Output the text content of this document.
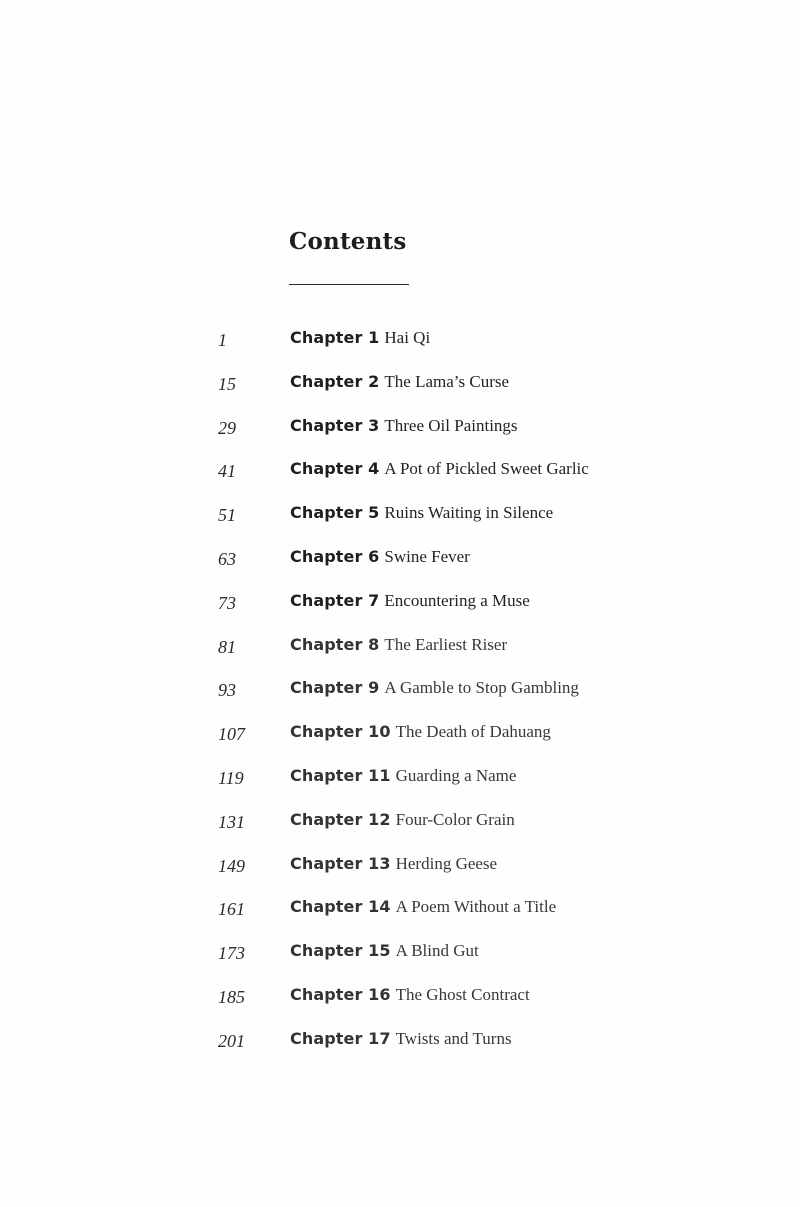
Contents
1	Chapter 1 Hai Qi
15	Chapter 2 The Lama’s Curse
29	Chapter 3 Three Oil Paintings
41	Chapter 4 A Pot of Pickled Sweet Garlic
51	Chapter 5 Ruins Waiting in Silence
63	Chapter 6 Swine Fever
73	Chapter 7 Encountering a Muse
81	Chapter 8 The Earliest Riser
93	Chapter 9 A Gamble to Stop Gambling
107	Chapter 10 The Death of Dahuang
119	Chapter 11 Guarding a Name
131	Chapter 12 Four-Color Grain
149	Chapter 13 Herding Geese
161	Chapter 14 A Poem Without a Title
173	Chapter 15 A Blind Gut
185	Chapter 16 The Ghost Contract
201	Chapter 17 Twists and Turns
